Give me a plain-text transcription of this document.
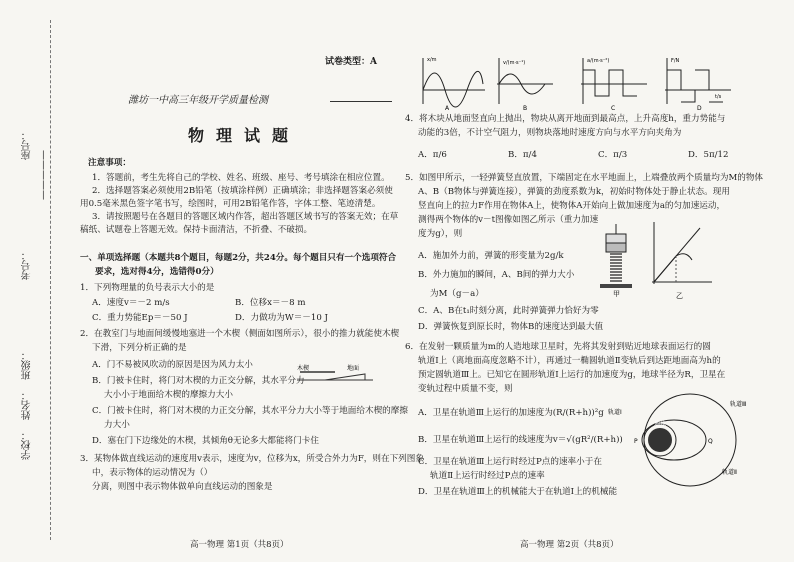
座号：
—————
考号：
班级：
姓名：
学校：
试卷类型：A
潍坊一中高三年级开学质量检测
物理试题
注意事项：
1．答题前，考生先将自己的学校、姓名、班级、座号、考号填涂在相应位置。
2．选择题答案必须使用2B铅笔（按填涂样例）正确填涂；非选择题答案必须使
用0.5毫米黑色签字笔书写，绘图时，可用2B铅笔作答，字体工整、笔迹清楚。
3．请按照题号在各题目的答题区域内作答，超出答题区域书写的答案无效；在草
稿纸、试题卷上答题无效。保持卡面清洁，不折叠、不破损。
一、单项选择题（本题共8个题目，每题2分，共24分。每个题目只有一个选项符合
要求，选对得4分，选错得0分）
1．下列物理量的负号表示大小的是
A．速度v＝－2 m/s	B．位移x＝－8 m
C．重力势能Ep＝－50 J	D．力做功为W＝－10 J
2．在教室门与地面间缓慢地塞进一个木楔（侧面如图所示），很小的推力就能使木楔
下滑，下列分析正确的是
A．门不易被风吹动的原因是因为风力太小
B．门被卡住时，将门对木楔的力正交分解，其水平分力
大小小于地面给木楔的摩擦力大小
C．门被卡住时，将门对木楔的力正交分解，其水平分力大小等于地面给木楔的摩擦
力大小
D．塞在门下边缘处的木楔，其倾角θ无论多大都能将门卡住
木楔	地面
3．某物体做直线运动的速度用v表示，速度为v，位移为x，所受合外力为F，则在下列图象
中，表示物体的运动情况为（）
分离，则图中表示物体做单向直线运动的图象是
高一物理 第1页（共8页）
x/m
A
v/(m·s⁻¹)
B
a/(m·s⁻²)
C
F/N
t/s
D
4．将木块从地面竖直向上抛出，物块从离开地面到最高点，上升高度h，重力势能与
动能的3倍，不计空气阻力，则物块落地时速度方向与水平方向夹角为
A．π/6	B．π/4	C．π/3	D．5π/12
5．如图甲所示，一轻弹簧竖直放置，下端固定在水平地面上，上端叠放两个质量均为M的物体
A、B（B物体与弹簧连接），弹簧的劲度系数为k，初始时物体处于静止状态。现用
竖直向上的拉力F作用在物体A上，使物体A开始向上做加速度为a的匀加速运动，
测得两个物体的v－t图像如图乙所示（重力加速
度为g），则
A．施加外力前，弹簧的形变量为2g/k
B．外力施加的瞬间，A、B间的弹力大小
为M（g－a）
C．A、B在t₁时刻分离，此时弹簧弹力恰好为零
D．弹簧恢复到原长时，物体B的速度达到最大值
甲	乙
6．在发射一颗质量为m的人造地球卫星时，先将其发射到贴近地球表面运行的圆
轨道Ⅰ上（离地面高度忽略不计），再通过一椭圆轨道Ⅱ变轨后到达距地面高为h的
预定圆轨道Ⅲ上。已知它在圆形轨道Ⅰ上运行的加速度为g，地球半径为R，卫星在
变轨过程中质量不变，则
A．卫星在轨道Ⅲ上运行的加速度为(R/(R+h))²g
B．卫星在轨道Ⅲ上运行的线速度为v＝√(gR²/(R+h))
C．卫星在轨道Ⅲ上运行时经过P点的速率小于在
轨道Ⅱ上运行时经过P点的速率
D．卫星在轨道Ⅲ上的机械能大于在轨道Ⅰ上的机械能
地球
轨道Ⅰ
轨道Ⅲ
轨道Ⅱ
P	Q
高一物理 第2页（共8页）
